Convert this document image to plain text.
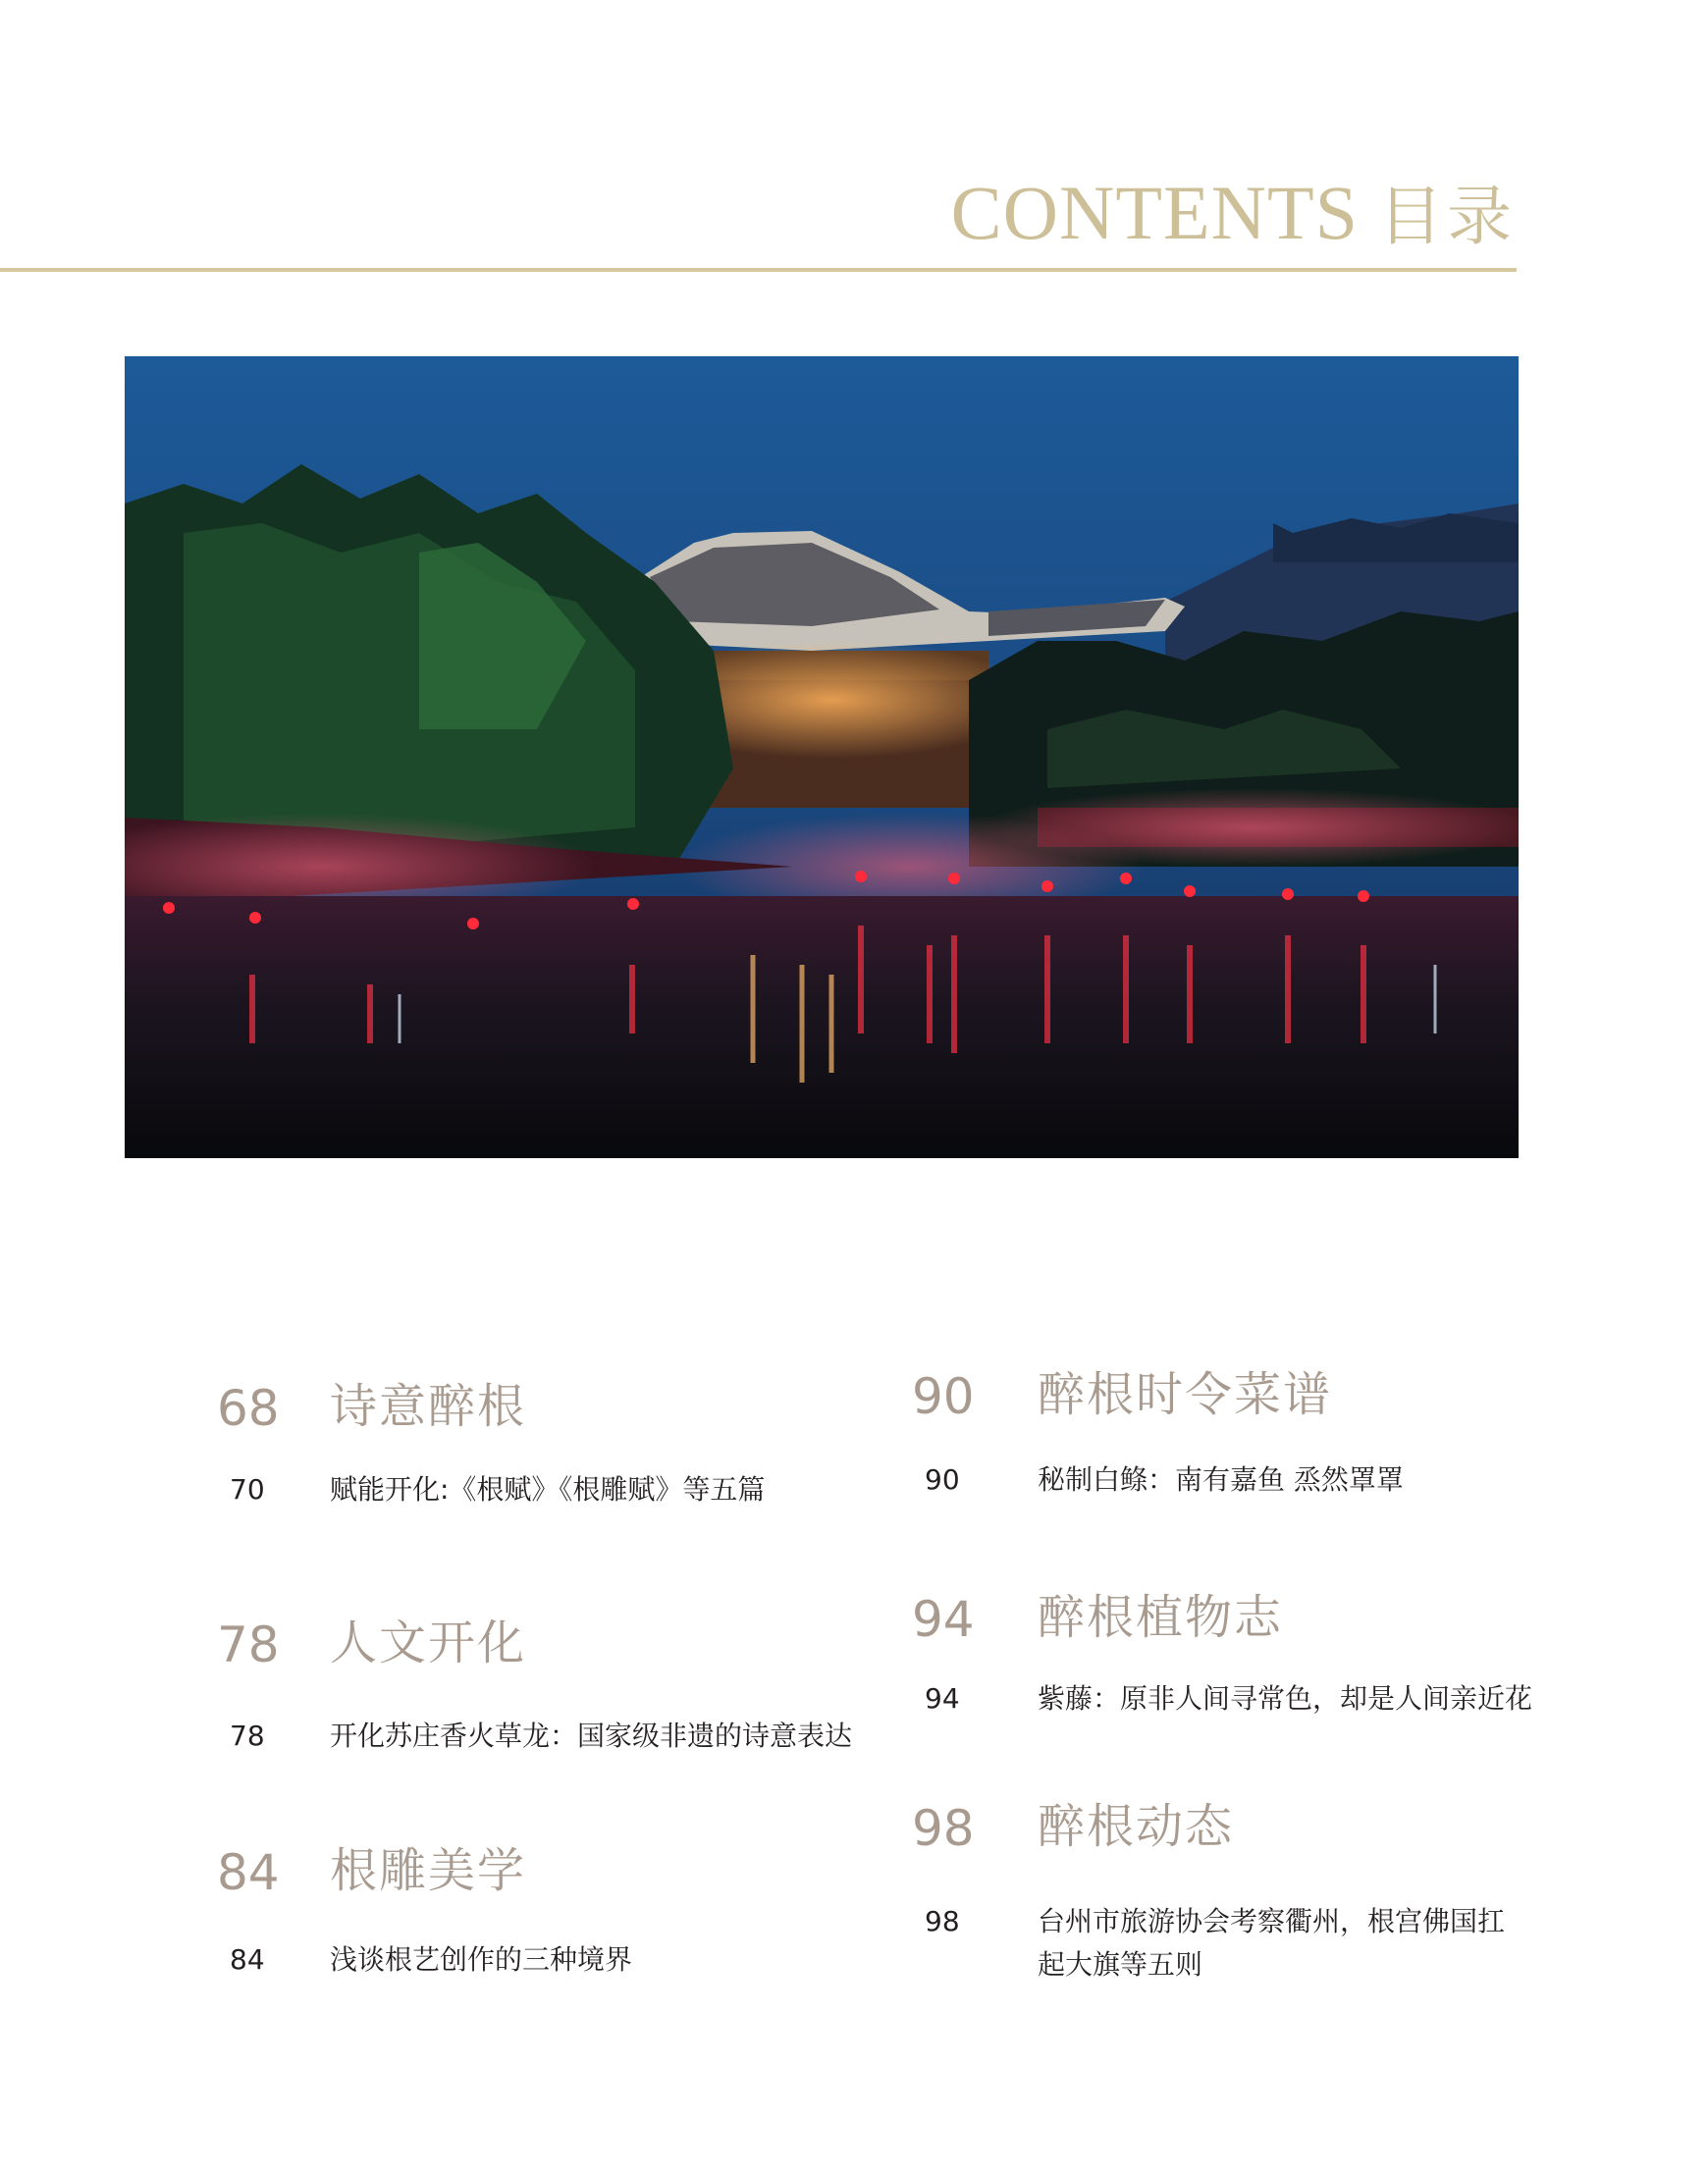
CONTENTS 目录
68 诗意醉根
70 赋能开化:《根赋》《根雕赋》等五篇
78 人文开化
78 开化苏庄香火草龙：国家级非遗的诗意表达
84 根雕美学
84 浅谈根艺创作的三种境界
90 醉根时令菜谱
90	秘制白鲦：南有嘉鱼 烝然罩罩
94 醉根植物志
94	紫藤：原非人间寻常色，却是人间亲近花
98 醉根动态
98	台州市旅游协会考察衢州，根宫佛国扛
起大旗等五则
